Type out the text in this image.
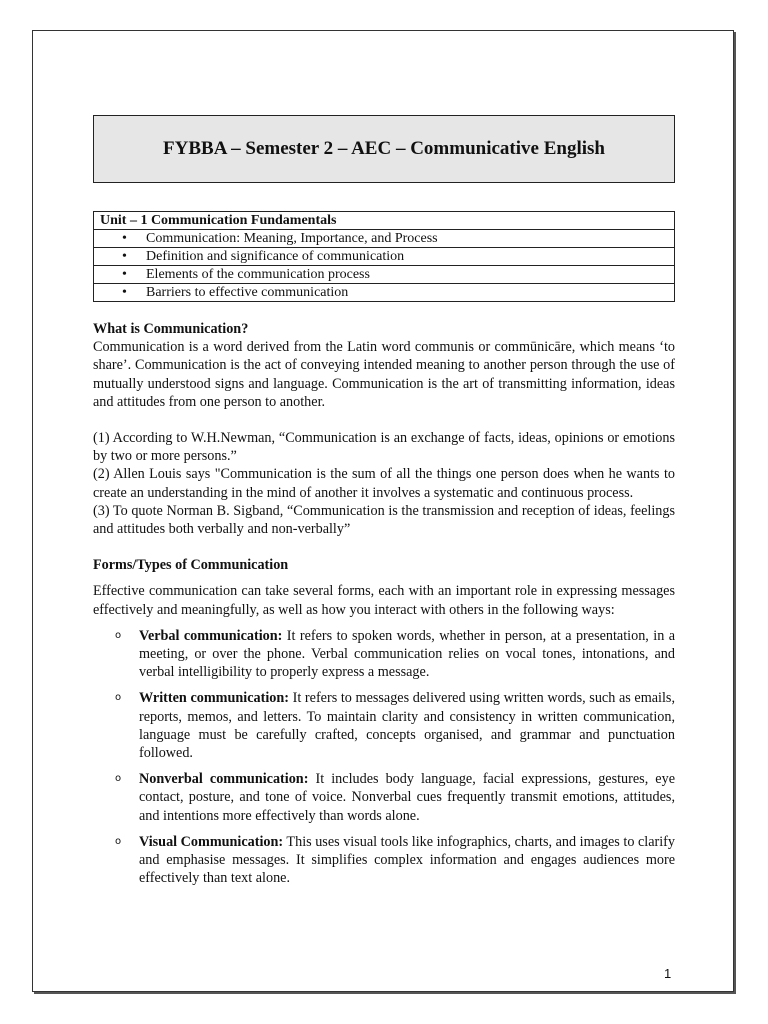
FYBBA – Semester 2 – AEC – Communicative English
Unit – 1 Communication Fundamentals
• Communication: Meaning, Importance, and Process
• Definition and significance of communication
• Elements of the communication process
• Barriers to effective communication

What is Communication?

Communication is a word derived from the Latin word communis or commūnicāre, which means ‘to share’. Communication is the act of conveying intended meaning to another person through the use of mutually understood signs and language. Communication is the art of transmitting information, ideas and attitudes from one person to another.

(1) According to W.H.Newman, “Communication is an exchange of facts, ideas, opinions or emotions by two or more persons.”

(2) Allen Louis says "Communication is the sum of all the things one person does when he wants to create an understanding in the mind of another it involves a systematic and continuous process.

(3) To quote Norman B. Sigband, “Communication is the transmission and reception of ideas, feelings and attitudes both verbally and non-verbally”

Forms/Types of Communication

Effective communication can take several forms, each with an important role in expressing messages effectively and meaningfully, as well as how you interact with others in the following ways:

o Verbal communication: It refers to spoken words, whether in person, at a presentation, in a meeting, or over the phone. Verbal communication relies on vocal tones, intonations, and verbal intelligibility to properly express a message.
o Written communication: It refers to messages delivered using written words, such as emails, reports, memos, and letters. To maintain clarity and consistency in written communication, language must be carefully crafted, concepts organised, and grammar and punctuation followed.
o Nonverbal communication: It includes body language, facial expressions, gestures, eye contact, posture, and tone of voice. Nonverbal cues frequently transmit emotions, attitudes, and intentions more effectively than words alone.
o Visual Communication: This uses visual tools like infographics, charts, and images to clarify and emphasise messages. It simplifies complex information and engages audiences more effectively than text alone.
1
